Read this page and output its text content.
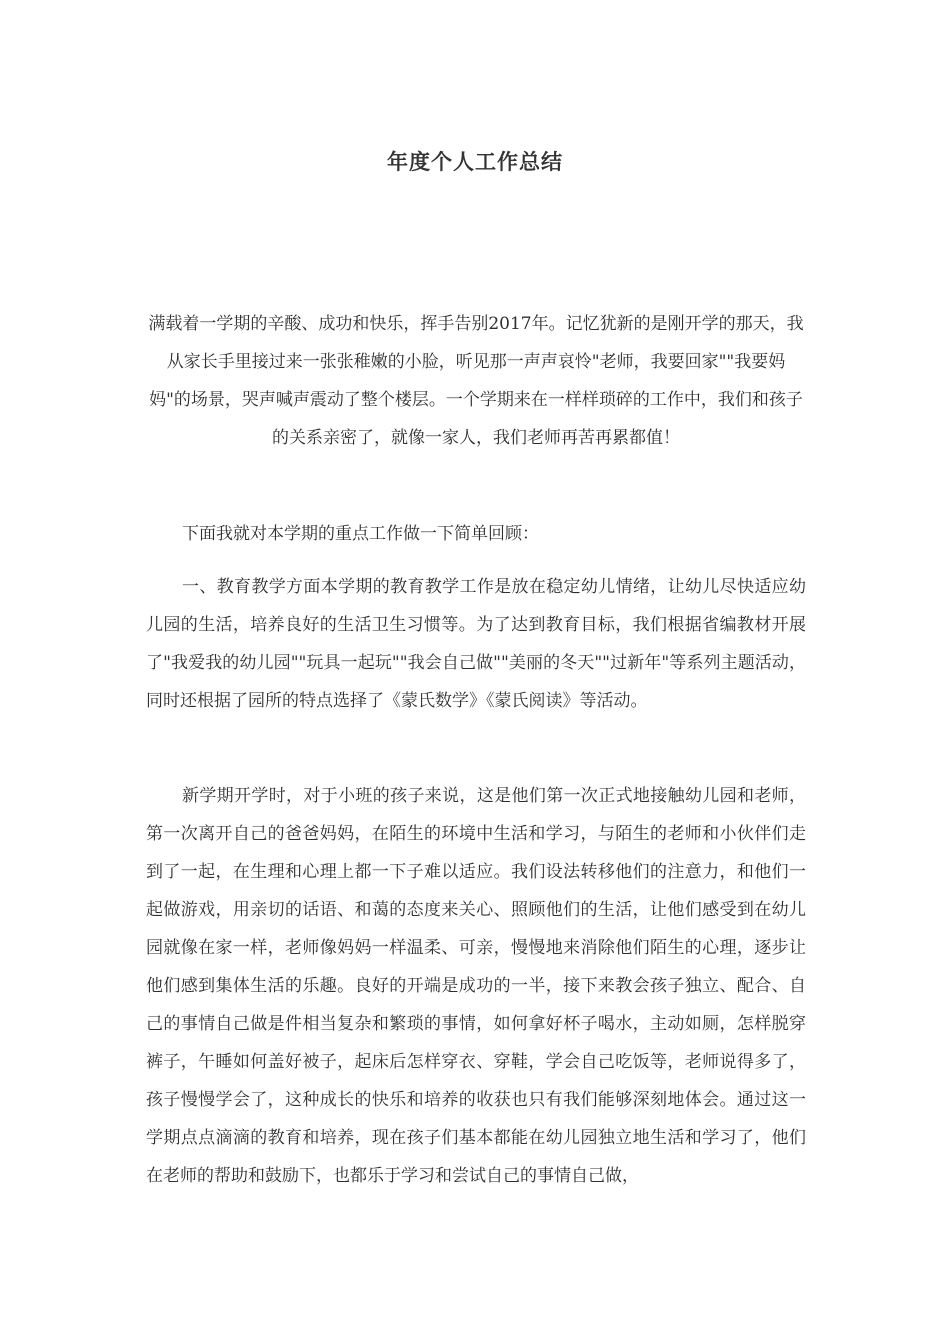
年度个人工作总结

满载着一学期的辛酸、成功和快乐，挥手告别2017年。记忆犹新的是刚开学的那天，我从家长手里接过来一张张稚嫩的小脸，听见那一声声哀怜"老师，我要回家""我要妈妈"的场景，哭声喊声震动了整个楼层。一个学期来在一样样琐碎的工作中，我们和孩子的关系亲密了，就像一家人，我们老师再苦再累都值！

下面我就对本学期的重点工作做一下简单回顾：

一、教育教学方面本学期的教育教学工作是放在稳定幼儿情绪，让幼儿尽快适应幼儿园的生活，培养良好的生活卫生习惯等。为了达到教育目标，我们根据省编教材开展了"我爱我的幼儿园""玩具一起玩""我会自己做""美丽的冬天""过新年"等系列主题活动，同时还根据了园所的特点选择了《蒙氏数学》《蒙氏阅读》等活动。

新学期开学时，对于小班的孩子来说，这是他们第一次正式地接触幼儿园和老师，第一次离开自己的爸爸妈妈，在陌生的环境中生活和学习，与陌生的老师和小伙伴们走到了一起，在生理和心理上都一下子难以适应。我们设法转移他们的注意力，和他们一起做游戏，用亲切的话语、和蔼的态度来关心、照顾他们的生活，让他们感受到在幼儿园就像在家一样，老师像妈妈一样温柔、可亲，慢慢地来消除他们陌生的心理，逐步让他们感到集体生活的乐趣。良好的开端是成功的一半，接下来教会孩子独立、配合、自己的事情自己做是件相当复杂和繁琐的事情，如何拿好杯子喝水，主动如厕，怎样脱穿裤子，午睡如何盖好被子，起床后怎样穿衣、穿鞋，学会自己吃饭等，老师说得多了，孩子慢慢学会了，这种成长的快乐和培养的收获也只有我们能够深刻地体会。通过这一学期点点滴滴的教育和培养，现在孩子们基本都能在幼儿园独立地生活和学习了，他们在老师的帮助和鼓励下，也都乐于学习和尝试自己的事情自己做，
